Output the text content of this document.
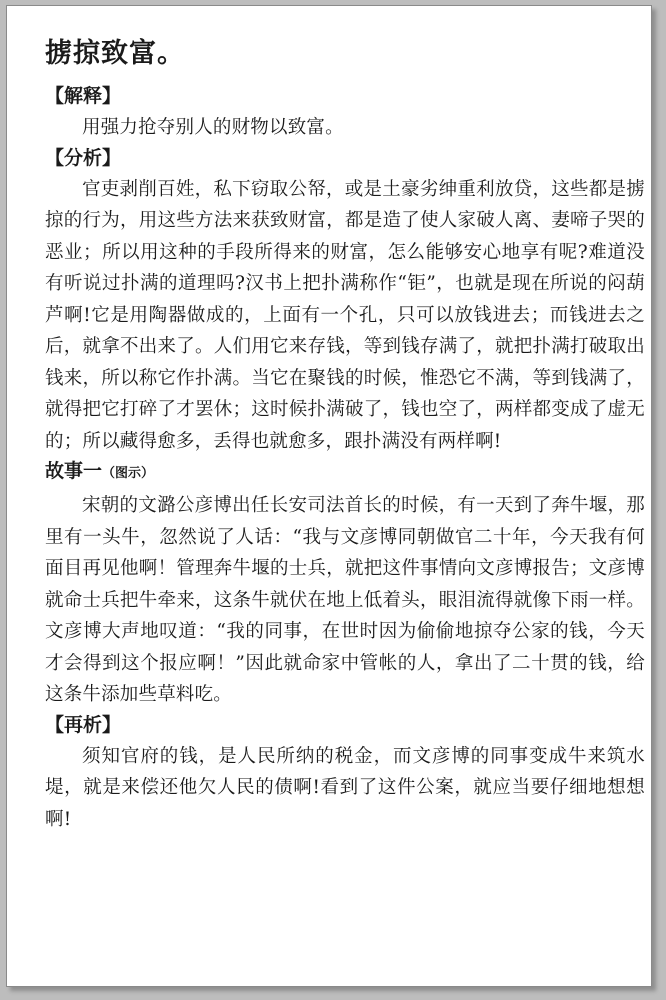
掳掠致富。
【解释】

用强力抢夺别人的财物以致富。

【分析】

官吏剥削百姓，私下窃取公帑，或是土豪劣绅重利放贷，这些都是掳掠的行为，用这些方法来获致财富，都是造了使人家破人离、妻啼子哭的恶业；所以用这种的手段所得来的财富，怎么能够安心地享有呢?难道没有听说过扑满的道理吗?汉书上把扑满称作“钜”，也就是现在所说的闷葫芦啊!它是用陶器做成的，上面有一个孔，只可以放钱进去；而钱进去之后，就拿不出来了。人们用它来存钱，等到钱存满了，就把扑满打破取出钱来，所以称它作扑满。当它在聚钱的时候，惟恐它不满，等到钱满了，就得把它打碎了才罢休；这时候扑满破了，钱也空了，两样都变成了虚无的；所以藏得愈多，丢得也就愈多，跟扑满没有两样啊!

故事一（图示）

宋朝的文潞公彦博出任长安司法首长的时候，有一天到了奔牛堰，那里有一头牛，忽然说了人话：“我与文彦博同朝做官二十年，今天我有何面目再见他啊！管理奔牛堰的士兵，就把这件事情向文彦博报告；文彦博就命士兵把牛牵来，这条牛就伏在地上低着头，眼泪流得就像下雨一样。文彦博大声地叹道：“我的同事，在世时因为偷偷地掠夺公家的钱，今天才会得到这个报应啊！”因此就命家中管帐的人，拿出了二十贯的钱，给这条牛添加些草料吃。

【再析】

须知官府的钱，是人民所纳的税金，而文彦博的同事变成牛来筑水堤，就是来偿还他欠人民的债啊!看到了这件公案，就应当要仔细地想想啊!
